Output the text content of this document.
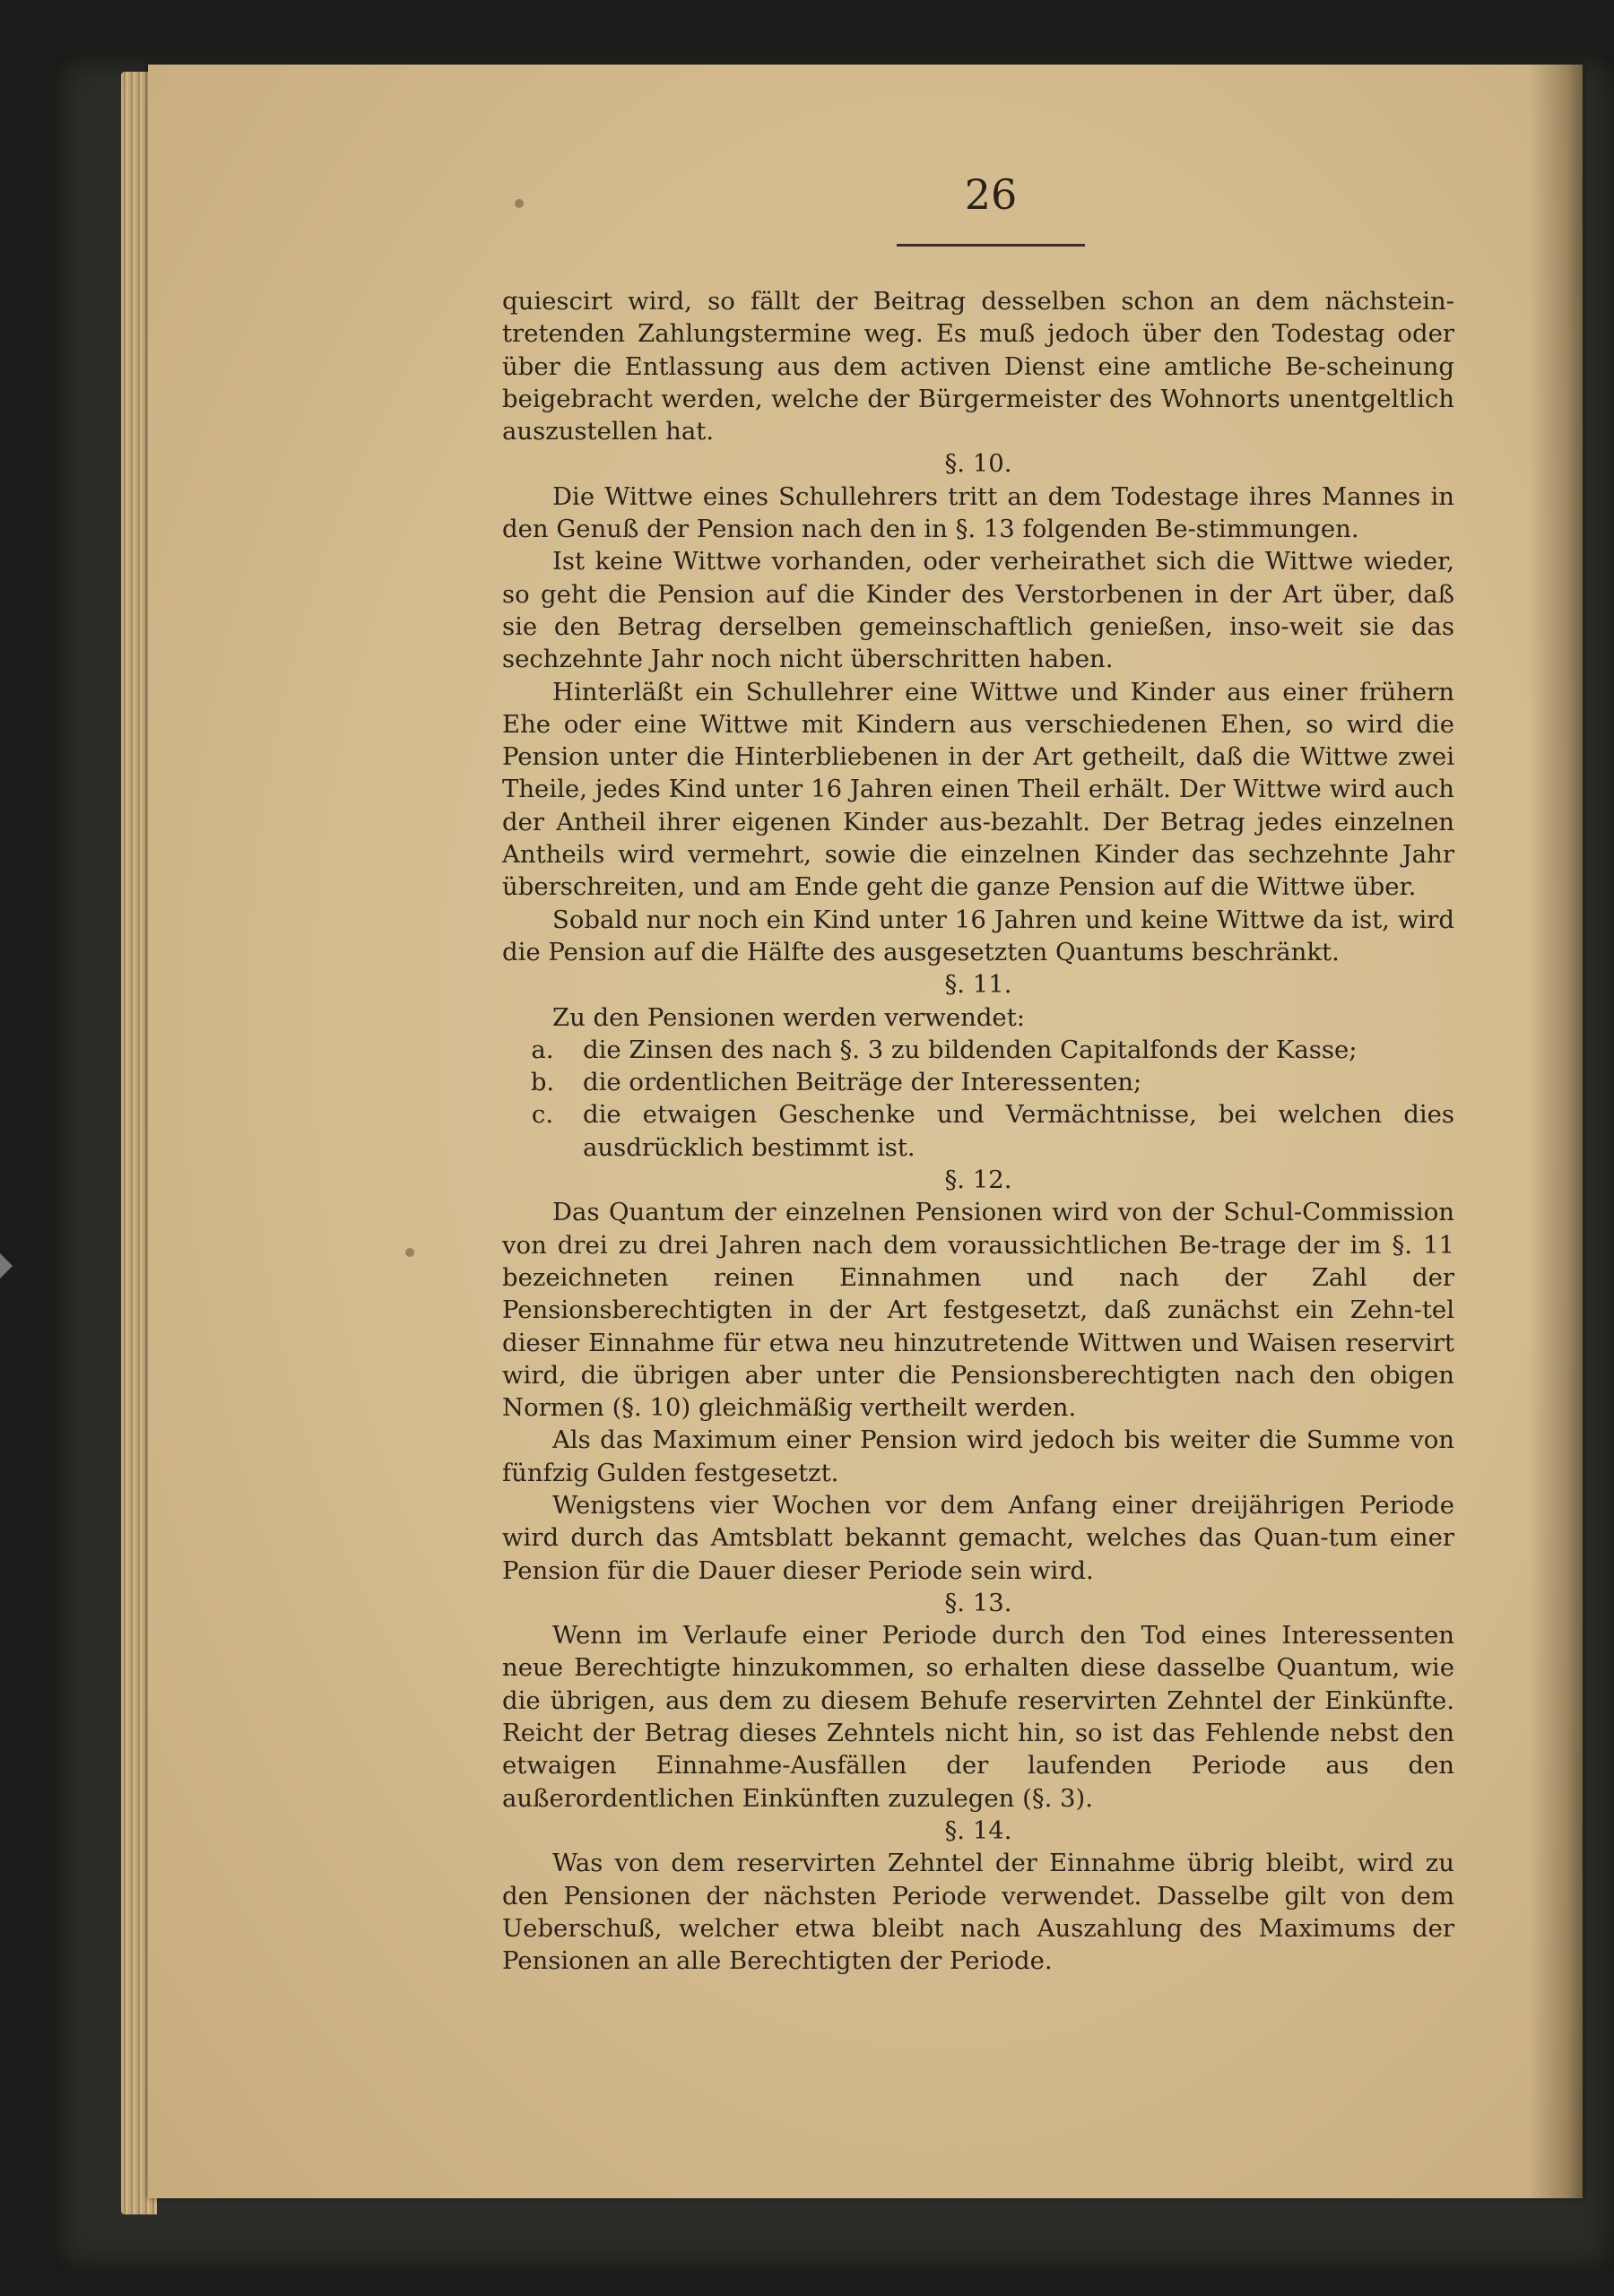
26

quiescirt wird, so fällt der Beitrag desselben schon an dem nächstein-tretenden Zahlungstermine weg. Es muß jedoch über den Todestag oder über die Entlassung aus dem activen Dienst eine amtliche Be-scheinung beigebracht werden, welche der Bürgermeister des Wohnorts unentgeltlich auszustellen hat.

§. 10.

Die Wittwe eines Schullehrers tritt an dem Todestage ihres Mannes in den Genuß der Pension nach den in §. 13 folgenden Be-stimmungen.

Ist keine Wittwe vorhanden, oder verheirathet sich die Wittwe wieder, so geht die Pension auf die Kinder des Verstorbenen in der Art über, daß sie den Betrag derselben gemeinschaftlich genießen, inso-weit sie das sechzehnte Jahr noch nicht überschritten haben.

Hinterläßt ein Schullehrer eine Wittwe und Kinder aus einer frühern Ehe oder eine Wittwe mit Kindern aus verschiedenen Ehen, so wird die Pension unter die Hinterbliebenen in der Art getheilt, daß die Wittwe zwei Theile, jedes Kind unter 16 Jahren einen Theil erhält. Der Wittwe wird auch der Antheil ihrer eigenen Kinder aus-bezahlt. Der Betrag jedes einzelnen Antheils wird vermehrt, sowie die einzelnen Kinder das sechzehnte Jahr überschreiten, und am Ende geht die ganze Pension auf die Wittwe über.

Sobald nur noch ein Kind unter 16 Jahren und keine Wittwe da ist, wird die Pension auf die Hälfte des ausgesetzten Quantums beschränkt.

§. 11.

Zu den Pensionen werden verwendet:

a.	die Zinsen des nach §. 3 zu bildenden Capitalfonds der Kasse;
b.	die ordentlichen Beiträge der Interessenten;
c.	die etwaigen Geschenke und Vermächtnisse, bei welchen dies ausdrücklich bestimmt ist.

§. 12.

Das Quantum der einzelnen Pensionen wird von der Schul-Commission von drei zu drei Jahren nach dem voraussichtlichen Be-trage der im §. 11 bezeichneten reinen Einnahmen und nach der Zahl der Pensionsberechtigten in der Art festgesetzt, daß zunächst ein Zehn-tel dieser Einnahme für etwa neu hinzutretende Wittwen und Waisen reservirt wird, die übrigen aber unter die Pensionsberechtigten nach den obigen Normen (§. 10) gleichmäßig vertheilt werden.

Als das Maximum einer Pension wird jedoch bis weiter die Summe von fünfzig Gulden festgesetzt.

Wenigstens vier Wochen vor dem Anfang einer dreijährigen Periode wird durch das Amtsblatt bekannt gemacht, welches das Quan-tum einer Pension für die Dauer dieser Periode sein wird.

§. 13.

Wenn im Verlaufe einer Periode durch den Tod eines Interessenten neue Berechtigte hinzukommen, so erhalten diese dasselbe Quantum, wie die übrigen, aus dem zu diesem Behufe reservirten Zehntel der Einkünfte. Reicht der Betrag dieses Zehntels nicht hin, so ist das Fehlende nebst den etwaigen Einnahme-Ausfällen der laufenden Periode aus den außerordentlichen Einkünften zuzulegen (§. 3).

§. 14.

Was von dem reservirten Zehntel der Einnahme übrig bleibt, wird zu den Pensionen der nächsten Periode verwendet. Dasselbe gilt von dem Ueberschuß, welcher etwa bleibt nach Auszahlung des Maximums der Pensionen an alle Berechtigten der Periode.
